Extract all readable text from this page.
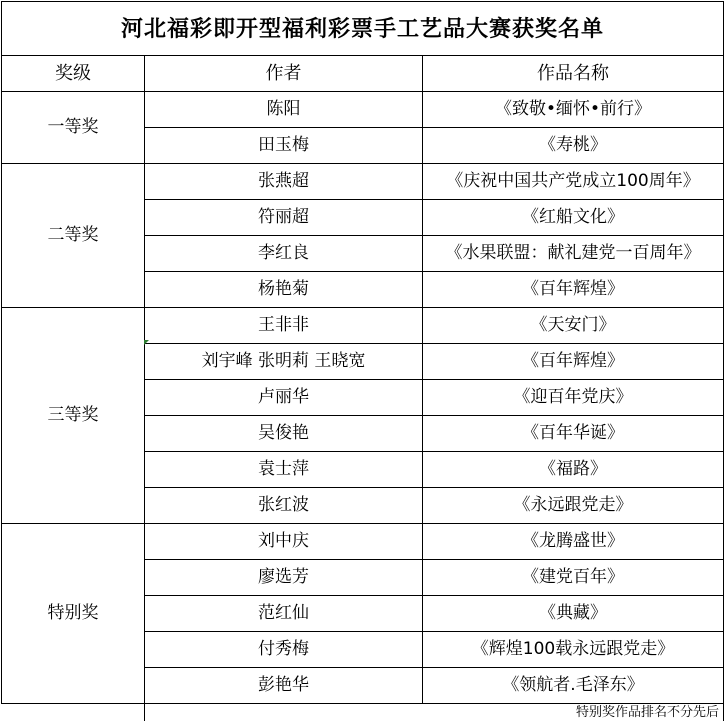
河北福彩即开型福利彩票手工艺品大赛获奖名单		
奖级	作者	作品名称
一等奖	陈阳	《致敬•缅怀•前行》
	田玉梅	《寿桃》
二等奖	张燕超	《庆祝中国共产党成立100周年》
	符丽超	《红船文化》
	李红良	《水果联盟：献礼建党一百周年》
	杨艳菊	《百年辉煌》
三等奖	王非非	《天安门》
	刘宇峰 张明莉 王晓宽	《百年辉煌》
	卢丽华	《迎百年党庆》
	吴俊艳	《百年华诞》
	袁士萍	《福路》
	张红波	《永远跟党走》
特别奖	刘中庆	《龙腾盛世》
	廖选芳	《建党百年》
	范红仙	《典藏》
	付秀梅	《辉煌100载永远跟党走》
	彭艳华	《领航者.毛泽东》
	特别奖作品排名不分先后	
